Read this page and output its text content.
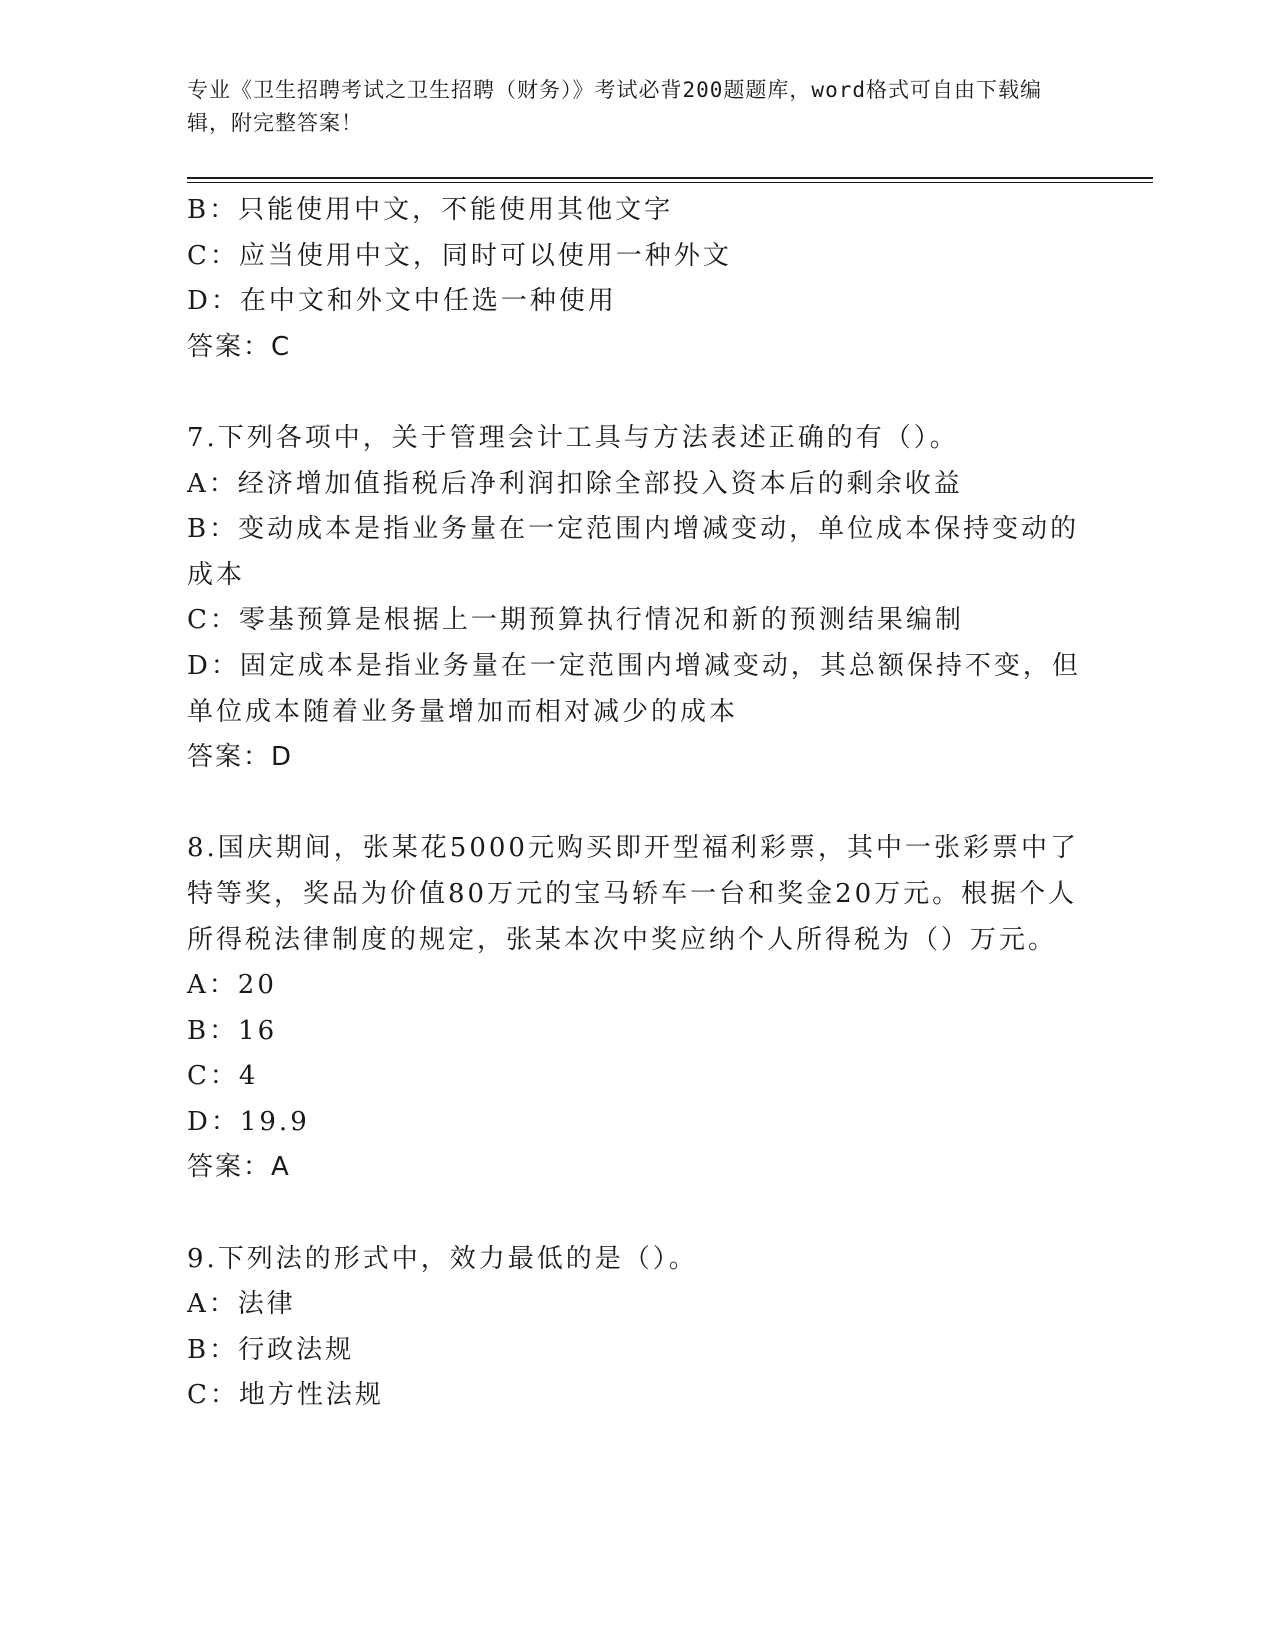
专业《卫生招聘考试之卫生招聘（财务）》考试必背200题题库，word格式可自由下载编辑，附完整答案！

B：只能使用中文，不能使用其他文字

C：应当使用中文，同时可以使用一种外文

D：在中文和外文中任选一种使用

答案：C

7.下列各项中，关于管理会计工具与方法表述正确的有（）。

A：经济增加值指税后净利润扣除全部投入资本后的剩余收益

B：变动成本是指业务量在一定范围内增减变动，单位成本保持变动的成本

C：零基预算是根据上一期预算执行情况和新的预测结果编制

D：固定成本是指业务量在一定范围内增减变动，其总额保持不变，但单位成本随着业务量增加而相对减少的成本

答案：D

8.国庆期间，张某花5000元购买即开型福利彩票，其中一张彩票中了特等奖，奖品为价值80万元的宝马轿车一台和奖金20万元。根据个人所得税法律制度的规定，张某本次中奖应纳个人所得税为（）万元。

A：20

B：16

C：4

D：19.9

答案：A

9.下列法的形式中，效力最低的是（）。

A：法律

B：行政法规

C：地方性法规
